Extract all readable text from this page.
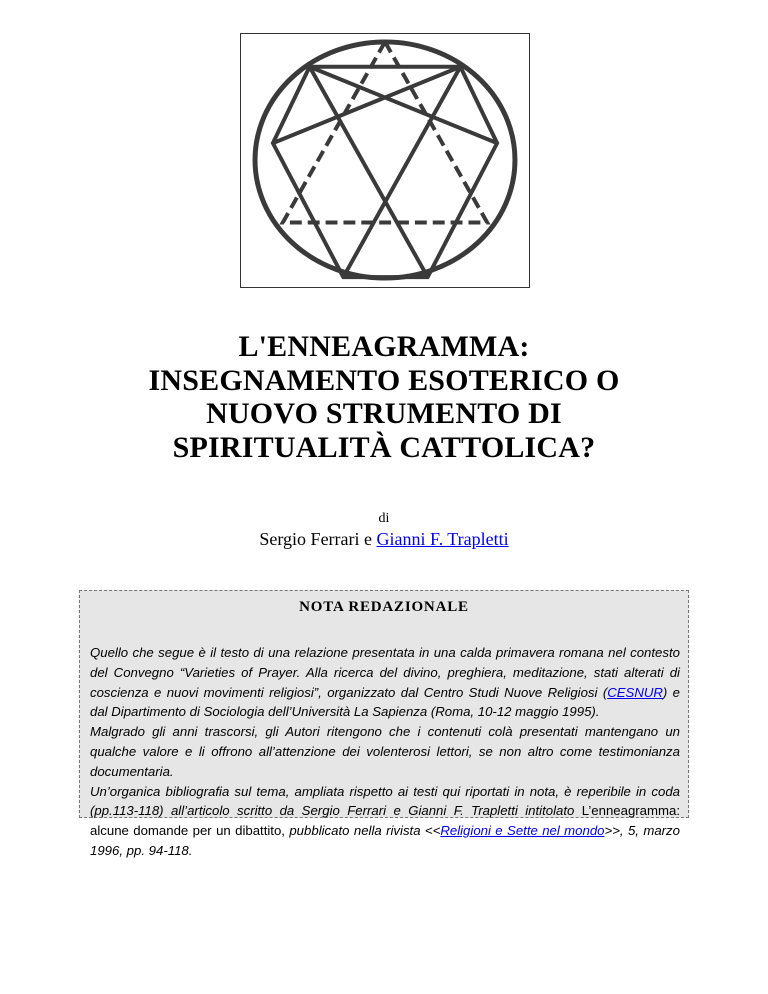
L'ENNEAGRAMMA:
INSEGNAMENTO ESOTERICO O
NUOVO STRUMENTO DI
SPIRITUALITÀ CATTOLICA?
di
Sergio Ferrari e Gianni F. Trapletti
NOTA REDAZIONALE

Quello che segue è il testo di una relazione presentata in una calda primavera romana nel contesto del Convegno “Varieties of Prayer. Alla ricerca del divino, preghiera, meditazione, stati alterati di coscienza e nuovi movimenti religiosi”, organizzato dal Centro Studi Nuove Religiosi (CESNUR) e dal Dipartimento di Sociologia dell’Università La Sapienza (Roma, 10-12 maggio 1995).

Malgrado gli anni trascorsi, gli Autori ritengono che i contenuti colà presentati mantengano un qualche valore e li offrono all’attenzione dei volenterosi lettori, se non altro come testimonianza documentaria.

Un’organica bibliografia sul tema, ampliata rispetto ai testi qui riportati in nota, è reperibile in coda (pp.113-118) all’articolo scritto da Sergio Ferrari e Gianni F. Trapletti intitolato L’enneagramma: alcune domande per un dibattito, pubblicato nella rivista <<Religioni e Sette nel mondo>>, 5, marzo 1996, pp. 94-118.
